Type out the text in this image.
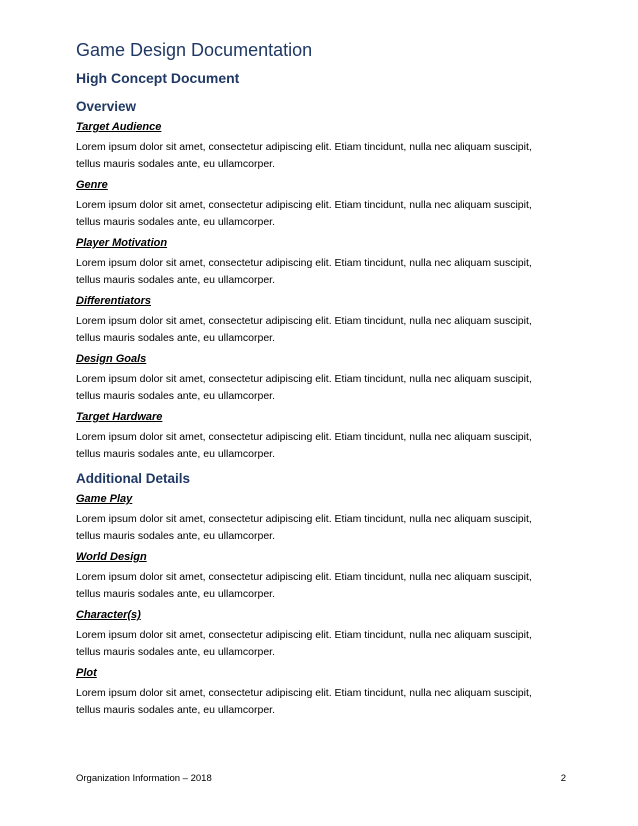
Game Design Documentation
High Concept Document
Overview
Target Audience

Lorem ipsum dolor sit amet, consectetur adipiscing elit. Etiam tincidunt, nulla nec aliquam suscipit, tellus mauris sodales ante, eu ullamcorper.

Genre

Lorem ipsum dolor sit amet, consectetur adipiscing elit. Etiam tincidunt, nulla nec aliquam suscipit, tellus mauris sodales ante, eu ullamcorper.

Player Motivation

Lorem ipsum dolor sit amet, consectetur adipiscing elit. Etiam tincidunt, nulla nec aliquam suscipit, tellus mauris sodales ante, eu ullamcorper.

Differentiators

Lorem ipsum dolor sit amet, consectetur adipiscing elit. Etiam tincidunt, nulla nec aliquam suscipit, tellus mauris sodales ante, eu ullamcorper.

Design Goals

Lorem ipsum dolor sit amet, consectetur adipiscing elit. Etiam tincidunt, nulla nec aliquam suscipit, tellus mauris sodales ante, eu ullamcorper.

Target Hardware

Lorem ipsum dolor sit amet, consectetur adipiscing elit. Etiam tincidunt, nulla nec aliquam suscipit, tellus mauris sodales ante, eu ullamcorper.

Additional Details
Game Play

Lorem ipsum dolor sit amet, consectetur adipiscing elit. Etiam tincidunt, nulla nec aliquam suscipit, tellus mauris sodales ante, eu ullamcorper.

World Design

Lorem ipsum dolor sit amet, consectetur adipiscing elit. Etiam tincidunt, nulla nec aliquam suscipit, tellus mauris sodales ante, eu ullamcorper.

Character(s)

Lorem ipsum dolor sit amet, consectetur adipiscing elit. Etiam tincidunt, nulla nec aliquam suscipit, tellus mauris sodales ante, eu ullamcorper.

Plot

Lorem ipsum dolor sit amet, consectetur adipiscing elit. Etiam tincidunt, nulla nec aliquam suscipit, tellus mauris sodales ante, eu ullamcorper.

Organization Information – 2018	2
